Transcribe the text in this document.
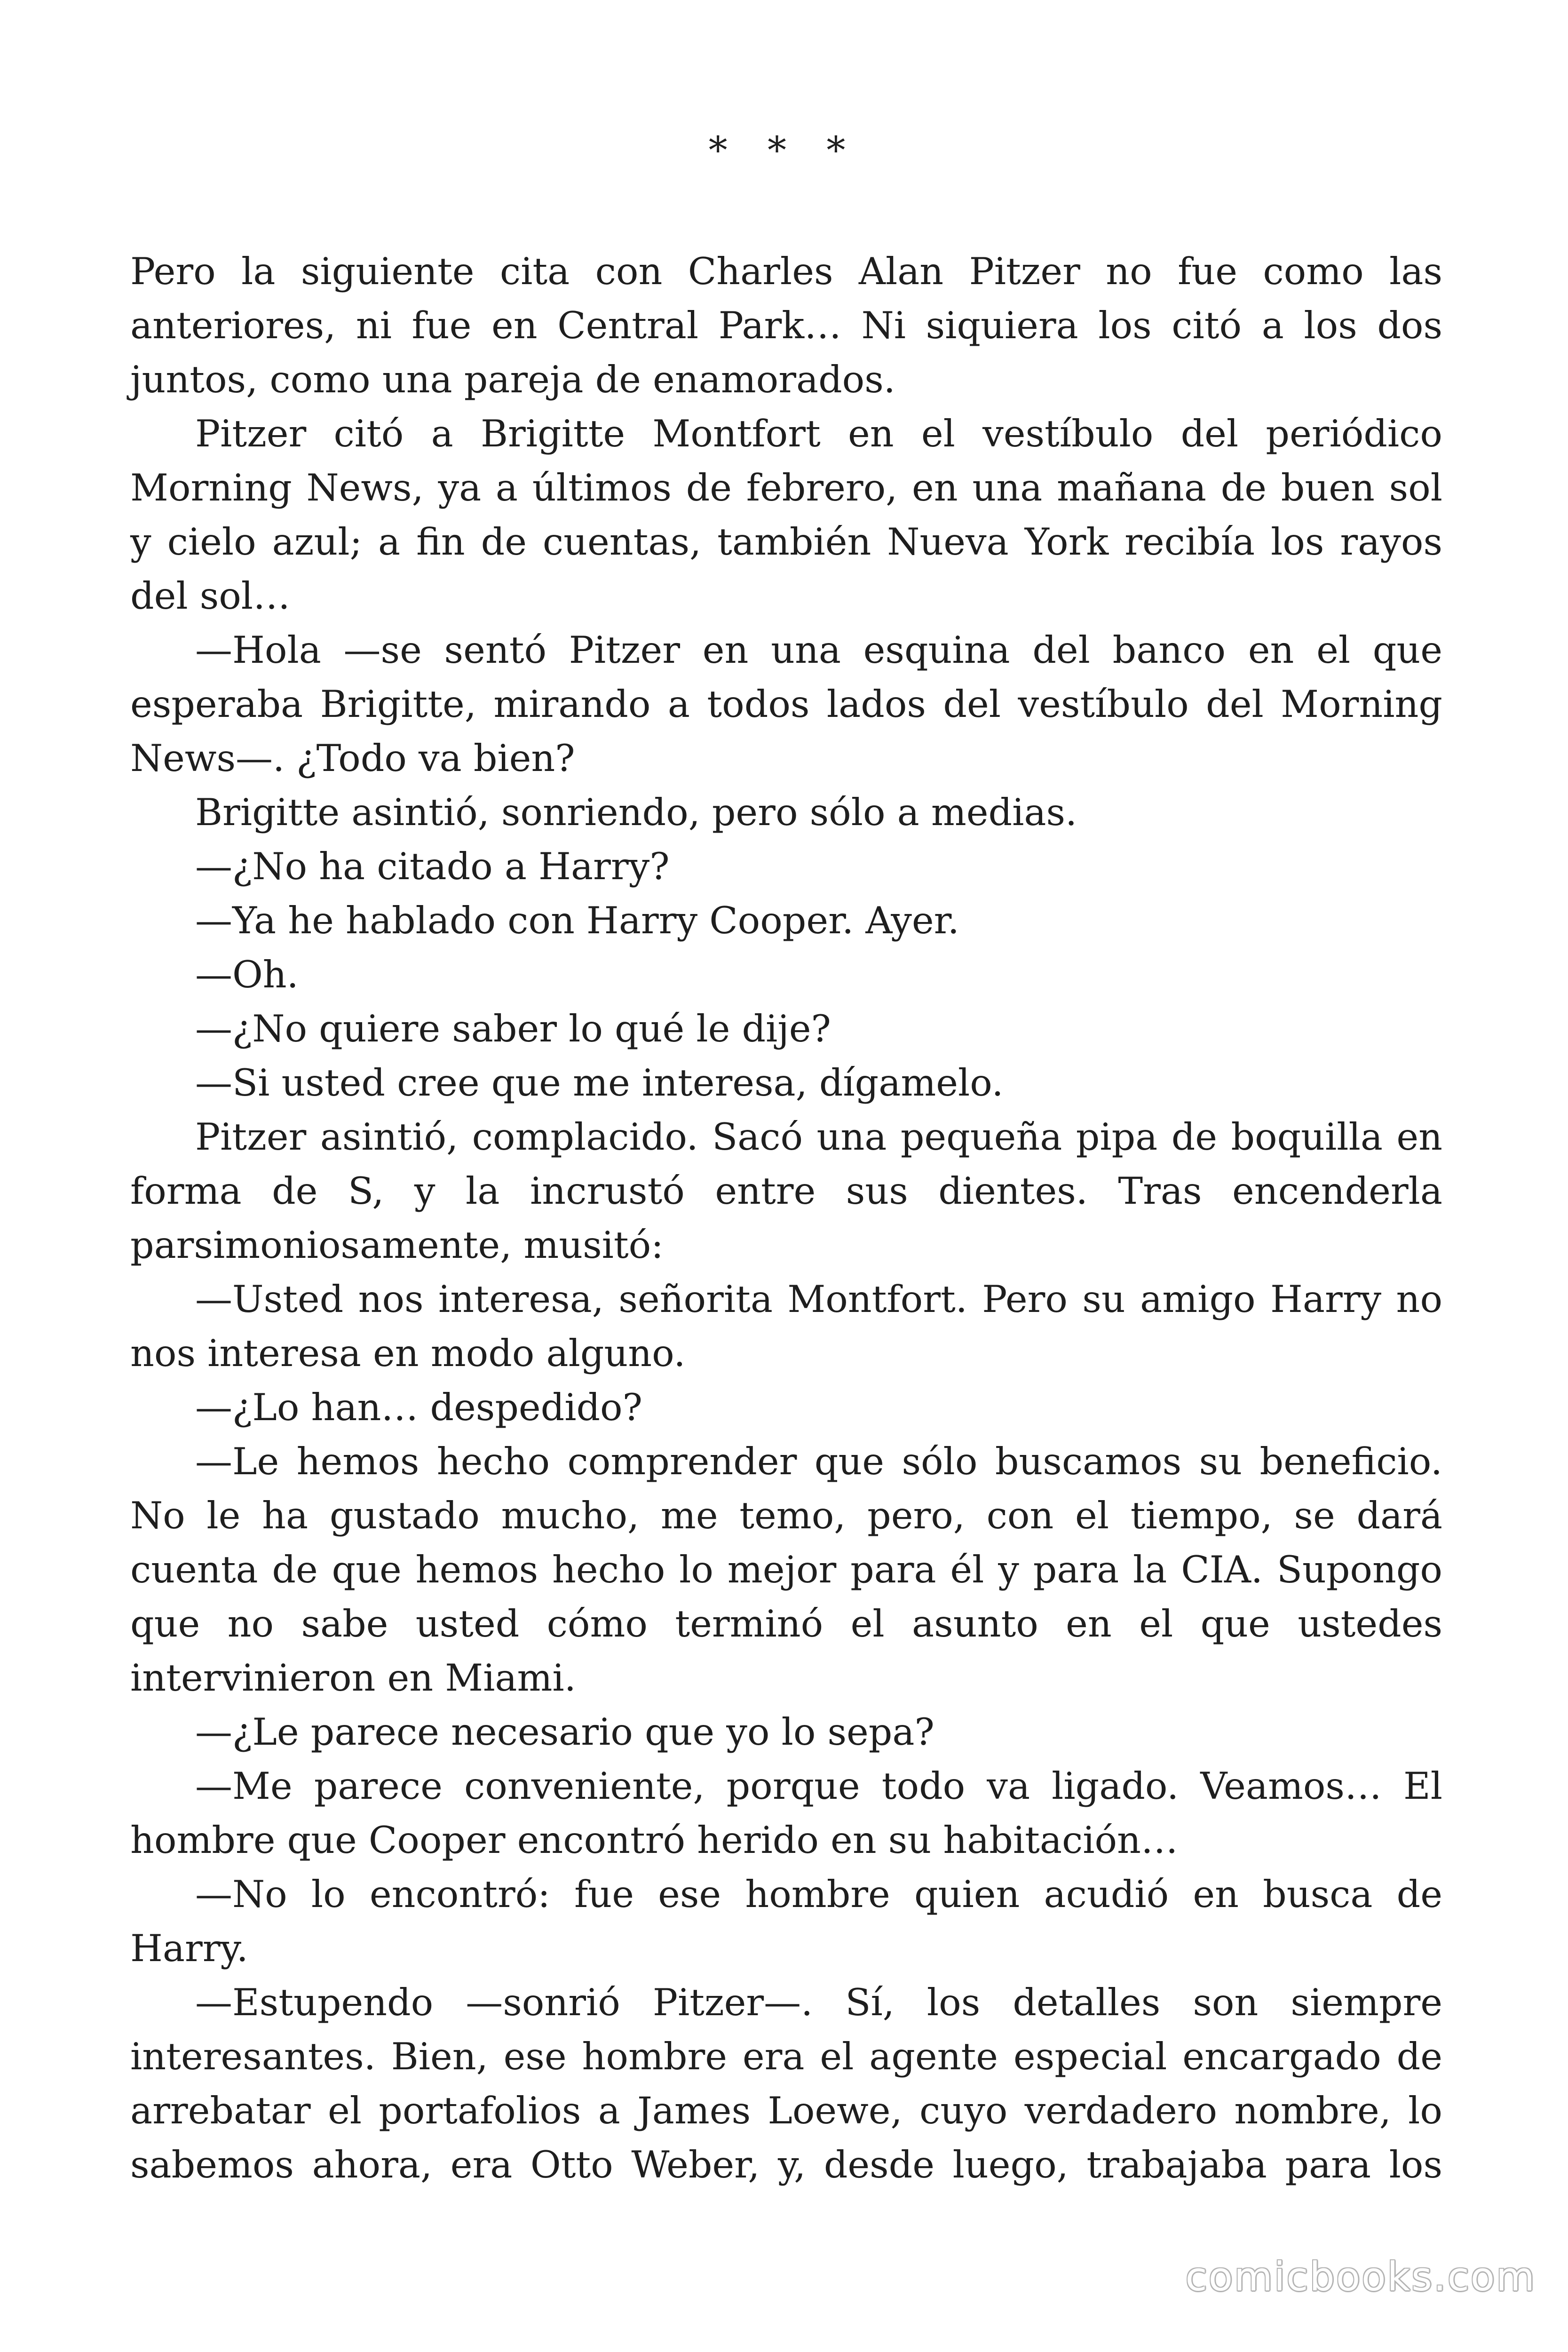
* * *

Pero la siguiente cita con Charles Alan Pitzer no fue como las anteriores, ni fue en Central Park… Ni siquiera los citó a los dos juntos, como una pareja de enamorados.

Pitzer citó a Brigitte Montfort en el vestíbulo del periódico Morning News, ya a últimos de febrero, en una mañana de buen sol y cielo azul; a fin de cuentas, también Nueva York recibía los rayos del sol…

—Hola —se sentó Pitzer en una esquina del banco en el que esperaba Brigitte, mirando a todos lados del vestíbulo del Morning News—. ¿Todo va bien?

Brigitte asintió, sonriendo, pero sólo a medias.

—¿No ha citado a Harry?

—Ya he hablado con Harry Cooper. Ayer.

—Oh.

—¿No quiere saber lo qué le dije?

—Si usted cree que me interesa, dígamelo.

Pitzer asintió, complacido. Sacó una pequeña pipa de boquilla en forma de S, y la incrustó entre sus dientes. Tras encenderla parsimoniosamente, musitó:

—Usted nos interesa, señorita Montfort. Pero su amigo Harry no nos interesa en modo alguno.

—¿Lo han… despedido?

—Le hemos hecho comprender que sólo buscamos su beneficio. No le ha gustado mucho, me temo, pero, con el tiempo, se dará cuenta de que hemos hecho lo mejor para él y para la CIA. Supongo que no sabe usted cómo terminó el asunto en el que ustedes intervinieron en Miami.

—¿Le parece necesario que yo lo sepa?

—Me parece conveniente, porque todo va ligado. Veamos… El hombre que Cooper encontró herido en su habitación…

—No lo encontró: fue ese hombre quien acudió en busca de Harry.

—Estupendo —sonrió Pitzer—. Sí, los detalles son siempre interesantes. Bien, ese hombre era el agente especial encargado de arrebatar el portafolios a James Loewe, cuyo verdadero nombre, lo sabemos ahora, era Otto Weber, y, desde luego, trabajaba para los

comicbooks.com
